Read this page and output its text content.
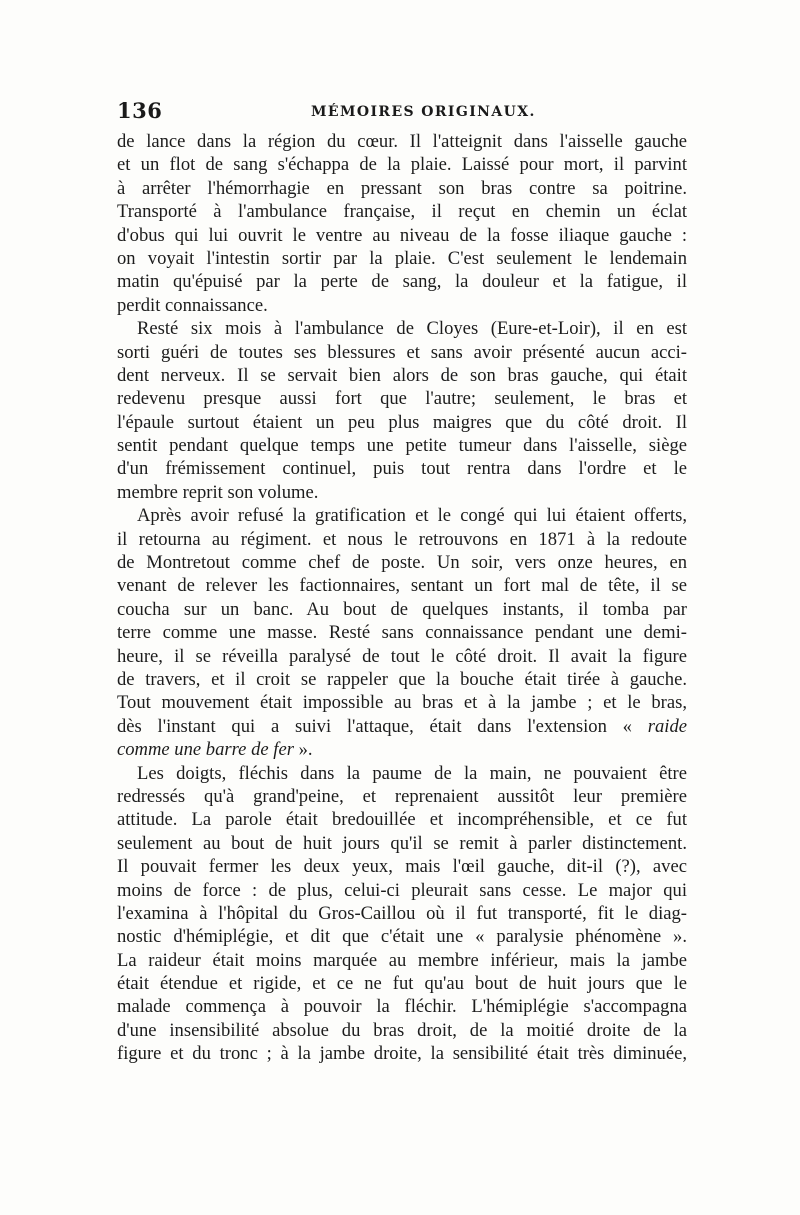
136	MÉMOIRES ORIGINAUX.
de lance dans la région du cœur. Il l'atteignit dans l'aisselle gauche
et un flot de sang s'échappa de la plaie. Laissé pour mort, il parvint
à arrêter l'hémorrhagie en pressant son bras contre sa poitrine.
Transporté à l'ambulance française, il reçut en chemin un éclat
d'obus qui lui ouvrit le ventre au niveau de la fosse iliaque gauche :
on voyait l'intestin sortir par la plaie. C'est seulement le lendemain
matin qu'épuisé par la perte de sang, la douleur et la fatigue, il
perdit connaissance.
Resté six mois à l'ambulance de Cloyes (Eure-et-Loir), il en est
sorti guéri de toutes ses blessures et sans avoir présenté aucun acci-
dent nerveux. Il se servait bien alors de son bras gauche, qui était
redevenu presque aussi fort que l'autre; seulement, le bras et
l'épaule surtout étaient un peu plus maigres que du côté droit. Il
sentit pendant quelque temps une petite tumeur dans l'aisselle, siège
d'un frémissement continuel, puis tout rentra dans l'ordre et le
membre reprit son volume.
Après avoir refusé la gratification et le congé qui lui étaient offerts,
il retourna au régiment. et nous le retrouvons en 1871 à la redoute
de Montretout comme chef de poste. Un soir, vers onze heures, en
venant de relever les factionnaires, sentant un fort mal de tête, il se
coucha sur un banc. Au bout de quelques instants, il tomba par
terre comme une masse. Resté sans connaissance pendant une demi-
heure, il se réveilla paralysé de tout le côté droit. Il avait la figure
de travers, et il croit se rappeler que la bouche était tirée à gauche.
Tout mouvement était impossible au bras et à la jambe ; et le bras,
dès l'instant qui a suivi l'attaque, était dans l'extension « raide
comme une barre de fer ».
Les doigts, fléchis dans la paume de la main, ne pouvaient être
redressés qu'à grand'peine, et reprenaient aussitôt leur première
attitude. La parole était bredouillée et incompréhensible, et ce fut
seulement au bout de huit jours qu'il se remit à parler distinctement.
Il pouvait fermer les deux yeux, mais l'œil gauche, dit-il (?), avec
moins de force : de plus, celui-ci pleurait sans cesse. Le major qui
l'examina à l'hôpital du Gros-Caillou où il fut transporté, fit le diag-
nostic d'hémiplégie, et dit que c'était une « paralysie phénomène ».
La raideur était moins marquée au membre inférieur, mais la jambe
était étendue et rigide, et ce ne fut qu'au bout de huit jours que le
malade commença à pouvoir la fléchir. L'hémiplégie s'accompagna
d'une insensibilité absolue du bras droit, de la moitié droite de la
figure et du tronc ; à la jambe droite, la sensibilité était très diminuée,
